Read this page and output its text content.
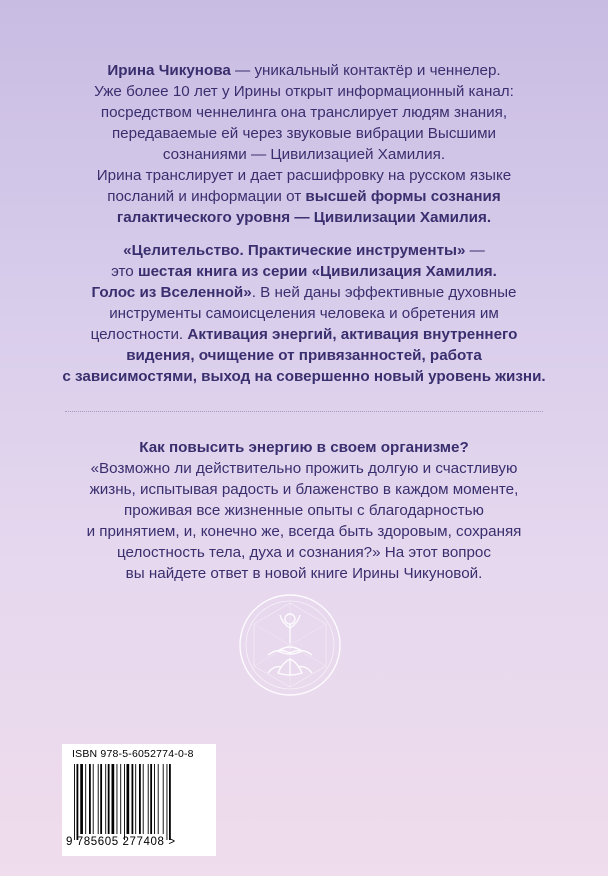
Ирина Чикунова — уникальный контактёр и ченнелер.
Уже более 10 лет у Ирины открыт информационный канал:
посредством ченнелинга она транслирует людям знания,
передаваемые ей через звуковые вибрации Высшими
сознаниями — Цивилизацией Хамилия.
Ирина транслирует и дает расшифровку на русском языке
посланий и информации от высшей формы сознания
галактического уровня — Цивилизации Хамилия.
«Целительство. Практические инструменты» —
это шестая книга из серии «Цивилизация Хамилия.
Голос из Вселенной». В ней даны эффективные духовные
инструменты самоисцеления человека и обретения им
целостности. Активация энергий, активация внутреннего
видения, очищение от привязанностей, работа
с зависимостями, выход на совершенно новый уровень жизни.
Как повысить энергию в своем организме?
«Возможно ли действительно прожить долгую и счастливую
жизнь, испытывая радость и блаженство в каждом моменте,
проживая все жизненные опыты с благодарностью
и принятием, и, конечно же, всегда быть здоровым, сохраняя
целостность тела, духа и сознания?» На этот вопрос
вы найдете ответ в новой книге Ирины Чикуновой.
ISBN 978-5-6052774-0-8
9 785605 277408 >
